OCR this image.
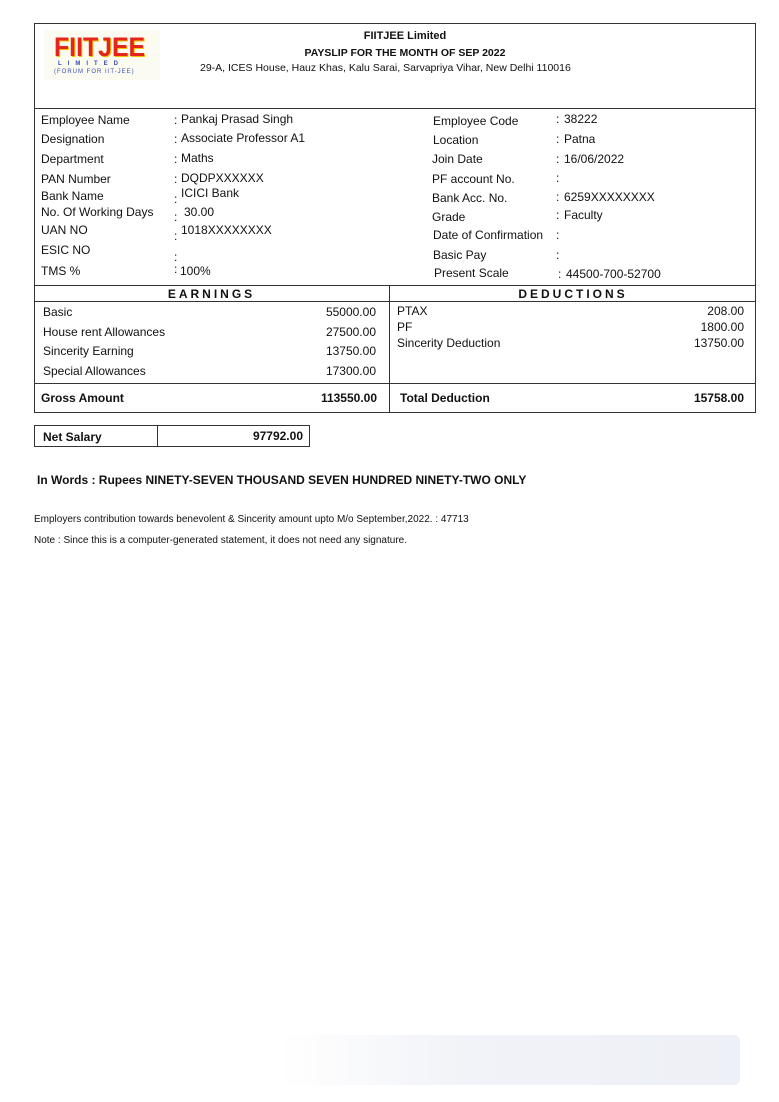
FIITJEE
LIMITED
(FORUM FOR IIT-JEE)
FIITJEE Limited
PAYSLIP FOR THE MONTH OF SEP 2022
29-A, ICES House, Hauz Khas, Kalu Sarai, Sarvapriya Vihar, New Delhi 110016
Employee Name	: Pankaj Prasad Singh
Designation	: Associate Professor A1
Department	: Maths
PAN Number	: DQDPXXXXXX
Bank Name	: ICICI Bank
No. Of Working Days : 30.00
UAN NO	: 1018XXXXXXXX
ESIC NO	:
TMS %	: 100%
Employee Code	: 38222
Location	: Patna
Join Date	: 16/06/2022
PF account No.	:
Bank Acc. No.	: 6259XXXXXXXX
Grade	: Faculty
Date of Confirmation :
Basic Pay	:
Present Scale	: 44500-700-52700
EARNINGS	DEDUCTIONS
Basic	55000.00
House rent Allowances	27500.00
Sincerity Earning	13750.00
Special Allowances	17300.00
PTAX	208.00
PF	1800.00
Sincerity Deduction	13750.00
Gross Amount	113550.00 Total Deduction	15758.00
Net Salary	97792.00
In Words : Rupees NINETY-SEVEN THOUSAND SEVEN HUNDRED NINETY-TWO ONLY
Employers contribution towards benevolent & Sincerity amount upto M/o September,2022. : 47713
Note : Since this is a computer-generated statement, it does not need any signature.
